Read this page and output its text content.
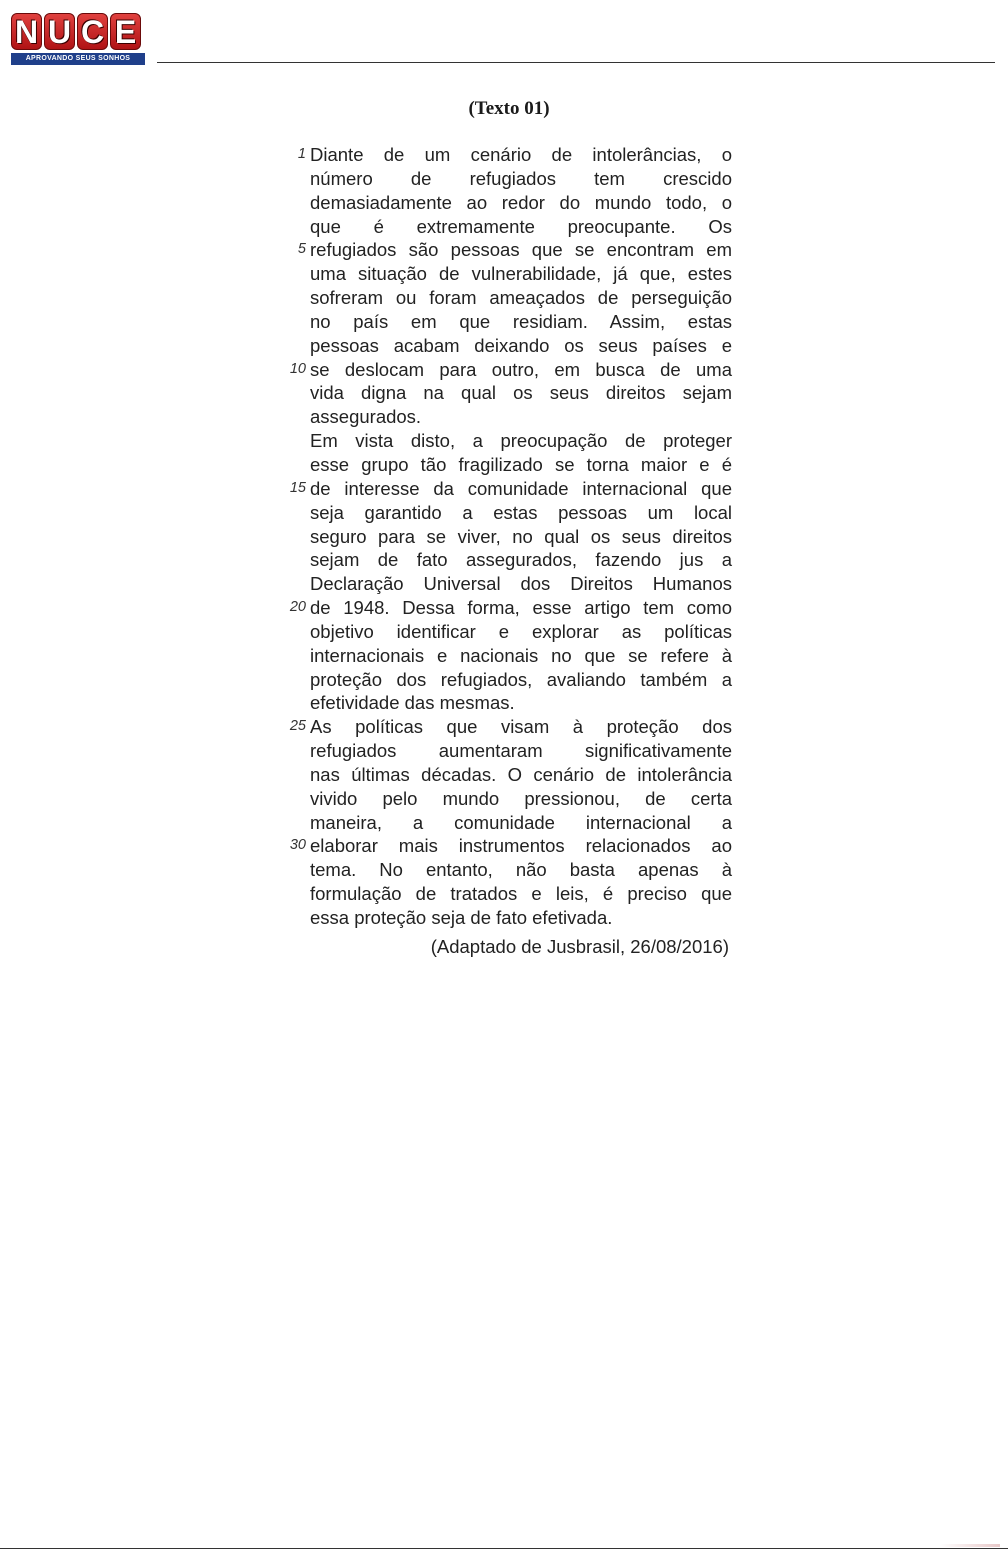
N U C E
APROVANDO SEUS SONHOS
(Texto 01)
1 Diante de um cenário de intolerâncias, o
número de refugiados tem crescido
demasiadamente ao redor do mundo todo, o
que é extremamente preocupante. Os
5 refugiados são pessoas que se encontram em
uma situação de vulnerabilidade, já que, estes
sofreram ou foram ameaçados de perseguição
no país em que residiam. Assim, estas
pessoas acabam deixando os seus países e
10 se deslocam para outro, em busca de uma
vida digna na qual os seus direitos sejam
assegurados.
Em vista disto, a preocupação de proteger
esse grupo tão fragilizado se torna maior e é
15 de interesse da comunidade internacional que
seja garantido a estas pessoas um local
seguro para se viver, no qual os seus direitos
sejam de fato assegurados, fazendo jus a
Declaração Universal dos Direitos Humanos
20 de 1948. Dessa forma, esse artigo tem como
objetivo identificar e explorar as políticas
internacionais e nacionais no que se refere à
proteção dos refugiados, avaliando também a
efetividade das mesmas.
25 As políticas que visam à proteção dos
refugiados aumentaram significativamente
nas últimas décadas. O cenário de intolerância
vivido pelo mundo pressionou, de certa
maneira, a comunidade internacional a
30 elaborar mais instrumentos relacionados ao
tema. No entanto, não basta apenas à
formulação de tratados e leis, é preciso que
essa proteção seja de fato efetivada.
(Adaptado de Jusbrasil, 26/08/2016)
